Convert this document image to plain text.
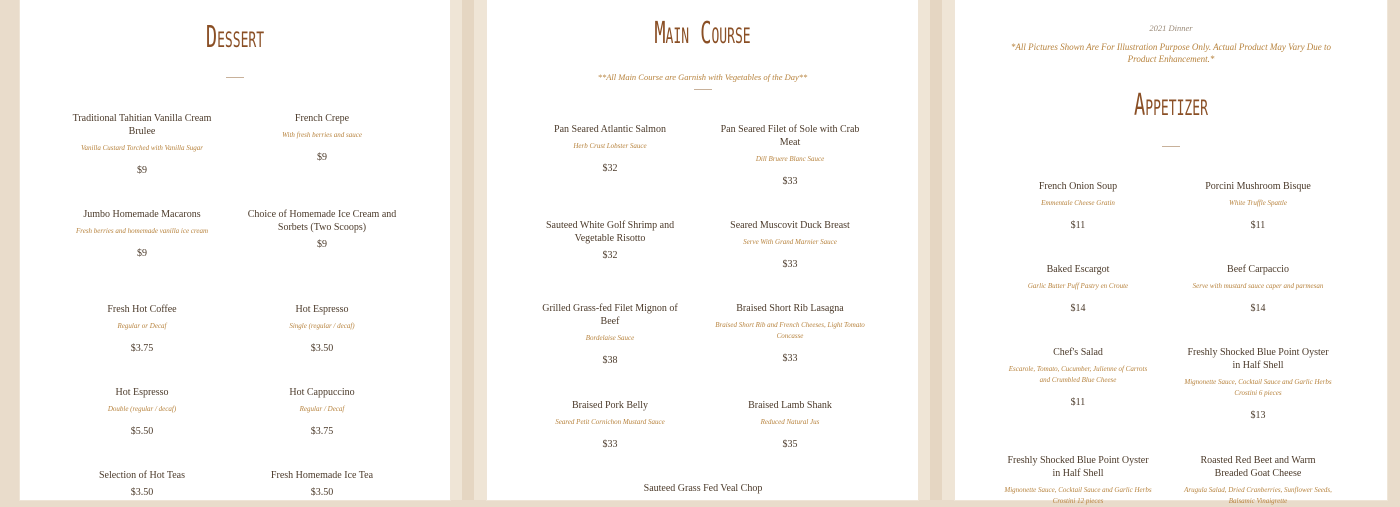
Dessert
Traditional Tahitian Vanilla Cream Brulee
Vanilla Custard Torched with Vanilla Sugar
$9
French Crepe
With fresh berries and sauce
$9
Jumbo Homemade Macarons
Fresh berries and homemade vanilla ice cream
$9
Choice of Homemade Ice Cream and Sorbets (Two Scoops)
$9
Fresh Hot Coffee
Regular or Decaf
$3.75
Hot Espresso
Single (regular / decaf)
$3.50
Hot Espresso
Double (regular / decaf)
$5.50
Hot Cappuccino
Regular / Decaf
$3.75
Selection of Hot Teas
$3.50
Fresh Homemade Ice Tea
$3.50
Main Course
**All Main Course are Garnish with Vegetables of the Day**
Pan Seared Atlantic Salmon
Herb Crust Lobster Sauce
$32
Pan Seared Filet of Sole with Crab Meat
Dill Bruere Blanc Sauce
$33
Sauteed White Golf Shrimp and Vegetable Risotto
$32
Seared Muscovit Duck Breast
Serve With Grand Marnier Sauce
$33
Grilled Grass-fed Filet Mignon of Beef
Bordelaise Sauce
$38
Braised Short Rib Lasagna
Braised Short Rib and French Cheeses, Light Tomato Concasse
$33
Braised Pork Belly
Seared Petit Cornichon Mustard Sauce
$33
Braised Lamb Shank
Reduced Natural Jus
$35
Sauteed Grass Fed Veal Chop
2021 Dinner
*All Pictures Shown Are For Illustration Purpose Only. Actual Product May Vary Due to Product Enhancement.*
Appetizer
French Onion Soup
Emmentale Cheese Gratin
$11
Porcini Mushroom Bisque
White Truffle Spattle
$11
Baked Escargot
Garlic Butter Puff Pastry en Croute
$14
Beef Carpaccio
Serve with mustard sauce caper and parmesan
$14
Chef's Salad
Escarole, Tomato, Cucumber, Julienne of Carrots and Crumbled Blue Cheese
$11
Freshly Shocked Blue Point Oyster in Half Shell
Mignonette Sauce, Cocktail Sauce and Garlic Herbs Crostini 6 pieces
$13
Freshly Shocked Blue Point Oyster in Half Shell
Mignonette Sauce, Cocktail Sauce and Garlic Herbs Crostini 12 pieces
Roasted Red Beet and Warm Breaded Goat Cheese
Arugula Salad, Dried Cranberries, Sunflower Seeds, Balsamic Vinaigrette
